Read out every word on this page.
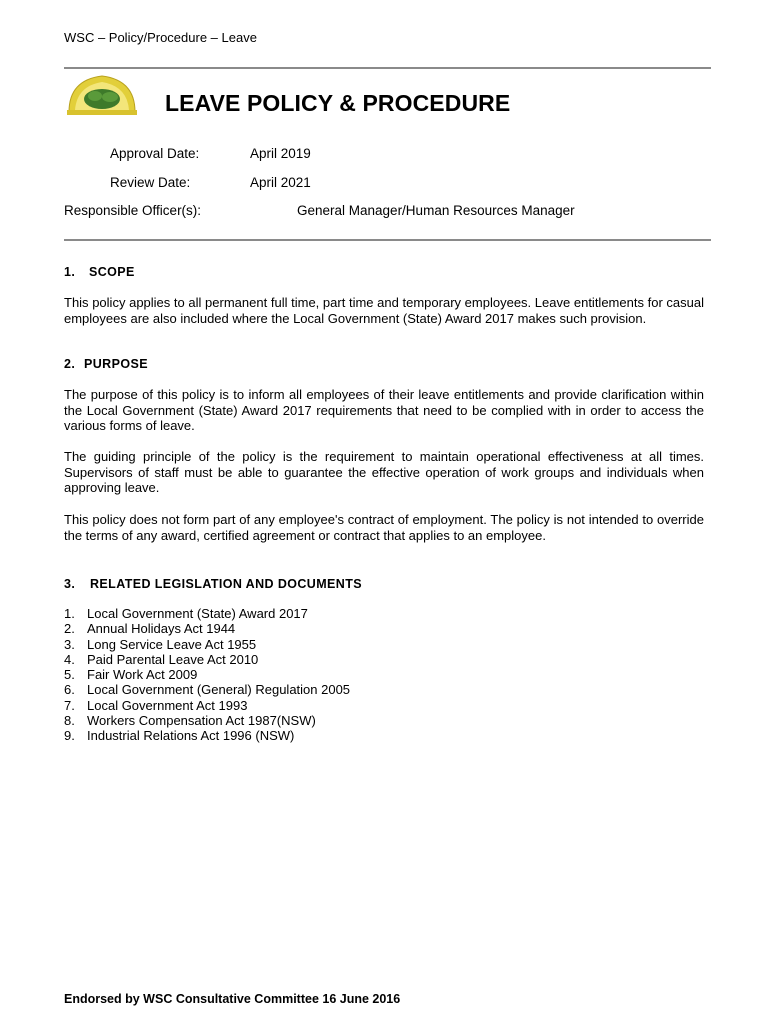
WSC – Policy/Procedure – Leave
LEAVE POLICY & PROCEDURE
Approval Date:	April 2019
Review Date:	April 2021
Responsible Officer(s):	General Manager/Human Resources Manager
1. SCOPE
This policy applies to all permanent full time, part time and temporary employees. Leave entitlements for casual employees are also included where the Local Government (State) Award 2017 makes such provision.
2. PURPOSE
The purpose of this policy is to inform all employees of their leave entitlements and provide clarification within the Local Government (State) Award 2017 requirements that need to be complied with in order to access the various forms of leave.
The guiding principle of the policy is the requirement to maintain operational effectiveness at all times. Supervisors of staff must be able to guarantee the effective operation of work groups and individuals when approving leave.
This policy does not form part of any employee's contract of employment. The policy is not intended to override the terms of any award, certified agreement or contract that applies to an employee.
3. RELATED LEGISLATION AND DOCUMENTS
1. Local Government (State) Award 2017
2. Annual Holidays Act 1944
3. Long Service Leave Act 1955
4. Paid Parental Leave Act 2010
5. Fair Work Act 2009
6. Local Government (General) Regulation 2005
7. Local Government Act 1993
8. Workers Compensation Act 1987(NSW)
9. Industrial Relations Act 1996 (NSW)
Endorsed by WSC Consultative Committee 16 June 2016
